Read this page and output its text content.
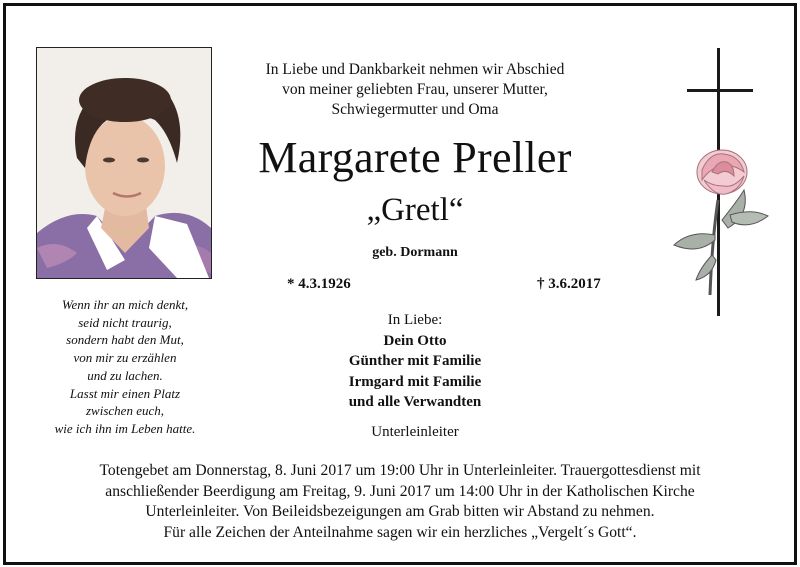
Wenn ihr an mich denkt,
seid nicht traurig,
sondern habt den Mut,
von mir zu erzählen
und zu lachen.
Lasst mir einen Platz
zwischen euch,
wie ich ihn im Leben hatte.
In Liebe und Dankbarkeit nehmen wir Abschied
von meiner geliebten Frau, unserer Mutter,
Schwiegermutter und Oma
Margarete Preller
„Gretl“
geb. Dormann
* 4.3.1926	† 3.6.2017
In Liebe:
Dein Otto
Günther mit Familie
Irmgard mit Familie
und alle Verwandten
Unterleinleiter
Totengebet am Donnerstag, 8. Juni 2017 um 19:00 Uhr in Unterleinleiter. Trauergottesdienst mit
anschließender Beerdigung am Freitag, 9. Juni 2017 um 14:00 Uhr in der Katholischen Kirche
Unterleinleiter. Von Beileidsbezeigungen am Grab bitten wir Abstand zu nehmen.
Für alle Zeichen der Anteilnahme sagen wir ein herzliches „Vergelt´s Gott“.
